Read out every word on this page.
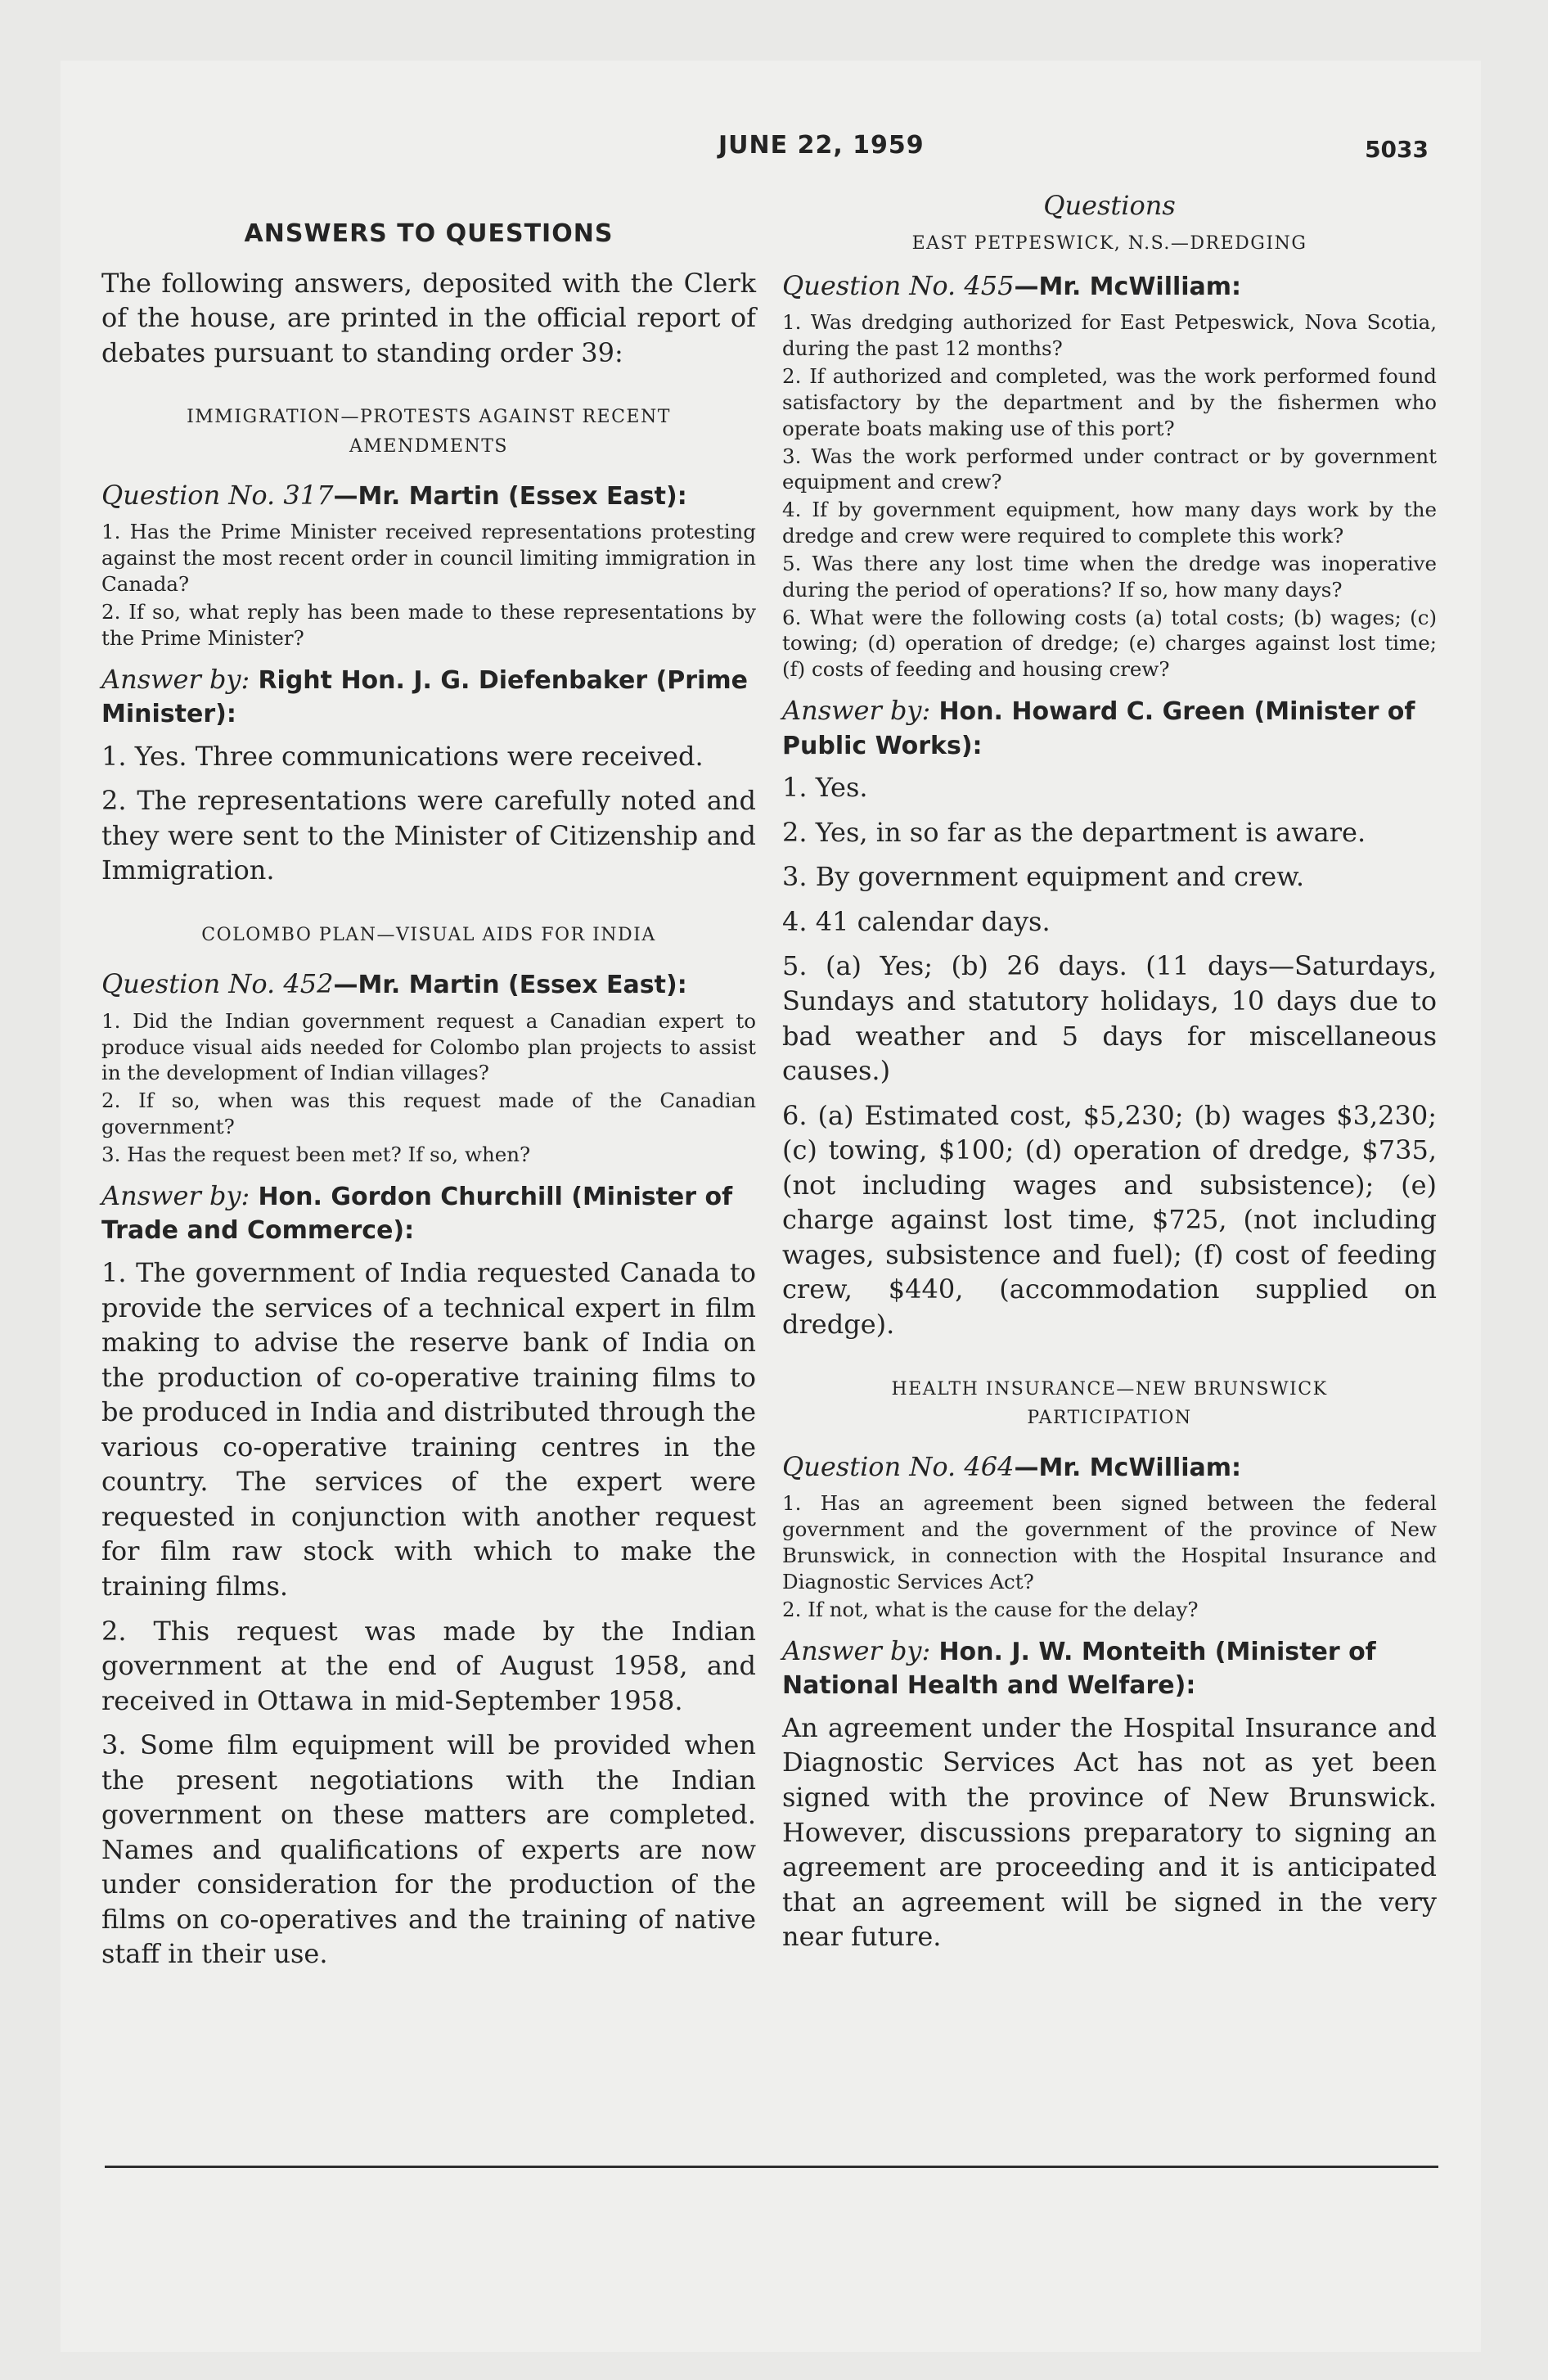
JUNE 22, 1959	5033
ANSWERS TO QUESTIONS

The following answers, deposited with the Clerk of the house, are printed in the official report of debates pursuant to standing order 39:

IMMIGRATION—PROTESTS AGAINST RECENT AMENDMENTS
Question No. 317—Mr. Martin (Essex East):

1. Has the Prime Minister received representations protesting against the most recent order in council limiting immigration in Canada?

2. If so, what reply has been made to these representations by the Prime Minister?

Answer by: Right Hon. J. G. Diefenbaker (Prime Minister):

1. Yes. Three communications were received.

2. The representations were carefully noted and they were sent to the Minister of Citizenship and Immigration.

COLOMBO PLAN—VISUAL AIDS FOR INDIA
Question No. 452—Mr. Martin (Essex East):

1. Did the Indian government request a Canadian expert to produce visual aids needed for Colombo plan projects to assist in the development of Indian villages?

2. If so, when was this request made of the Canadian government?

3. Has the request been met? If so, when?

Answer by: Hon. Gordon Churchill (Minister of Trade and Commerce):

1. The government of India requested Canada to provide the services of a technical expert in film making to advise the reserve bank of India on the production of co-operative training films to be produced in India and distributed through the various co-operative training centres in the country. The services of the expert were requested in conjunction with another request for film raw stock with which to make the training films.

2. This request was made by the Indian government at the end of August 1958, and received in Ottawa in mid-September 1958.

3. Some film equipment will be provided when the present negotiations with the Indian government on these matters are completed. Names and qualifications of experts are now under consideration for the production of the films on co-operatives and the training of native staff in their use.

Questions
EAST PETPESWICK, N.S.—DREDGING
Question No. 455—Mr. McWilliam:

1. Was dredging authorized for East Petpeswick, Nova Scotia, during the past 12 months?

2. If authorized and completed, was the work performed found satisfactory by the department and by the fishermen who operate boats making use of this port?

3. Was the work performed under contract or by government equipment and crew?

4. If by government equipment, how many days work by the dredge and crew were required to complete this work?

5. Was there any lost time when the dredge was inoperative during the period of operations? If so, how many days?

6. What were the following costs (a) total costs; (b) wages; (c) towing; (d) operation of dredge; (e) charges against lost time; (f) costs of feeding and housing crew?

Answer by: Hon. Howard C. Green (Minister of Public Works):

1. Yes.

2. Yes, in so far as the department is aware.

3. By government equipment and crew.

4. 41 calendar days.

5. (a) Yes; (b) 26 days. (11 days—Saturdays, Sundays and statutory holidays, 10 days due to bad weather and 5 days for miscellaneous causes.)

6. (a) Estimated cost, $5,230; (b) wages $3,230; (c) towing, $100; (d) operation of dredge, $735, (not including wages and subsistence); (e) charge against lost time, $725, (not including wages, subsistence and fuel); (f) cost of feeding crew, $440, (accommodation supplied on dredge).

HEALTH INSURANCE—NEW BRUNSWICK PARTICIPATION
Question No. 464—Mr. McWilliam:

1. Has an agreement been signed between the federal government and the government of the province of New Brunswick, in connection with the Hospital Insurance and Diagnostic Services Act?

2. If not, what is the cause for the delay?

Answer by: Hon. J. W. Monteith (Minister of National Health and Welfare):

An agreement under the Hospital Insurance and Diagnostic Services Act has not as yet been signed with the province of New Brunswick. However, discussions preparatory to signing an agreement are proceeding and it is anticipated that an agreement will be signed in the very near future.
